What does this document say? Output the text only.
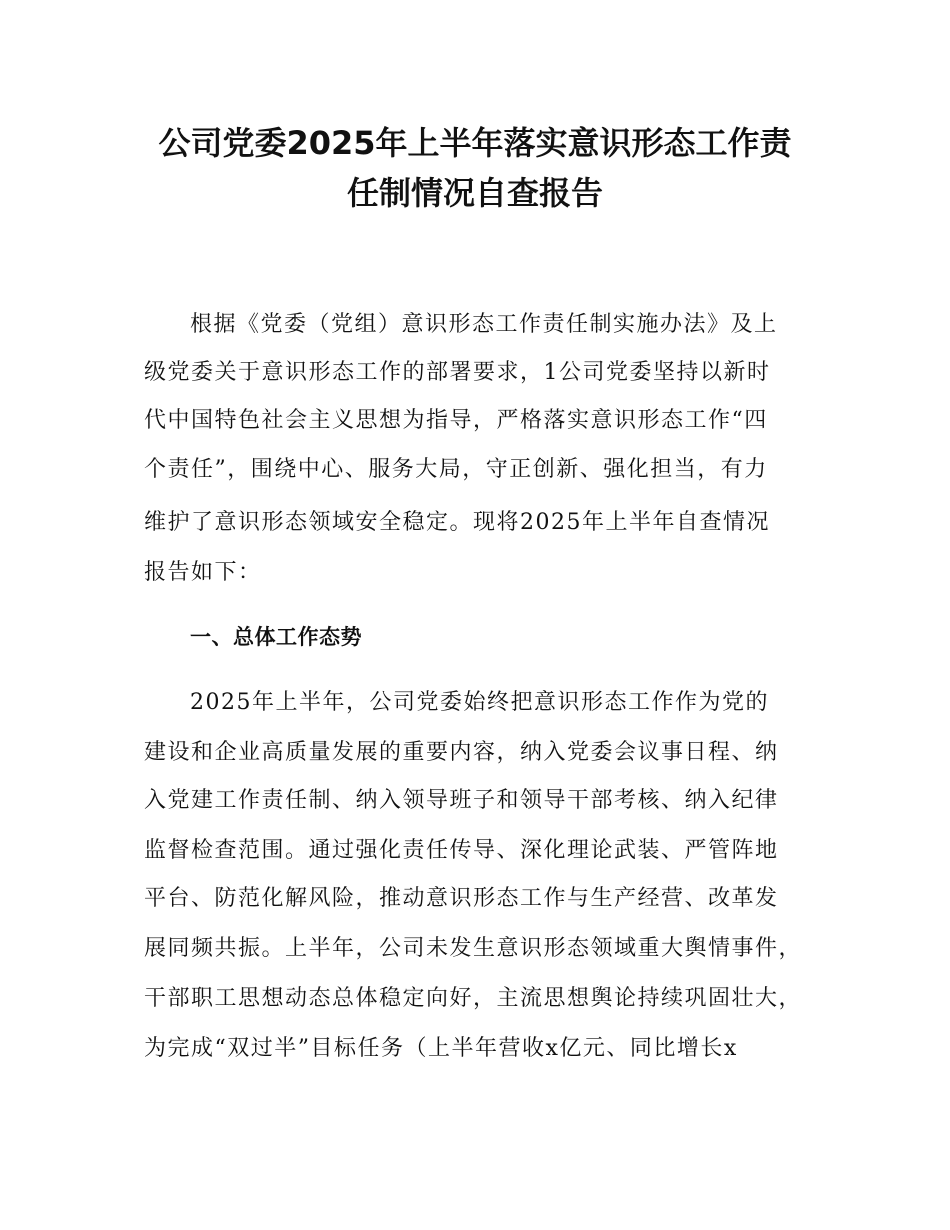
公司党委2025年上半年落实意识形态工作责
任制情况自查报告
根据《党委（党组）意识形态工作责任制实施办法》及上
级党委关于意识形态工作的部署要求，1公司党委坚持以新时
代中国特色社会主义思想为指导，严格落实意识形态工作“四
个责任”，围绕中心、服务大局，守正创新、强化担当，有力
维护了意识形态领域安全稳定。现将2025年上半年自查情况
报告如下：
一、总体工作态势
2025年上半年，公司党委始终把意识形态工作作为党的
建设和企业高质量发展的重要内容，纳入党委会议事日程、纳
入党建工作责任制、纳入领导班子和领导干部考核、纳入纪律
监督检查范围。通过强化责任传导、深化理论武装、严管阵地
平台、防范化解风险，推动意识形态工作与生产经营、改革发
展同频共振。上半年，公司未发生意识形态领域重大舆情事件，
干部职工思想动态总体稳定向好，主流思想舆论持续巩固壮大，
为完成“双过半”目标任务（上半年营收x亿元、同比增长x
